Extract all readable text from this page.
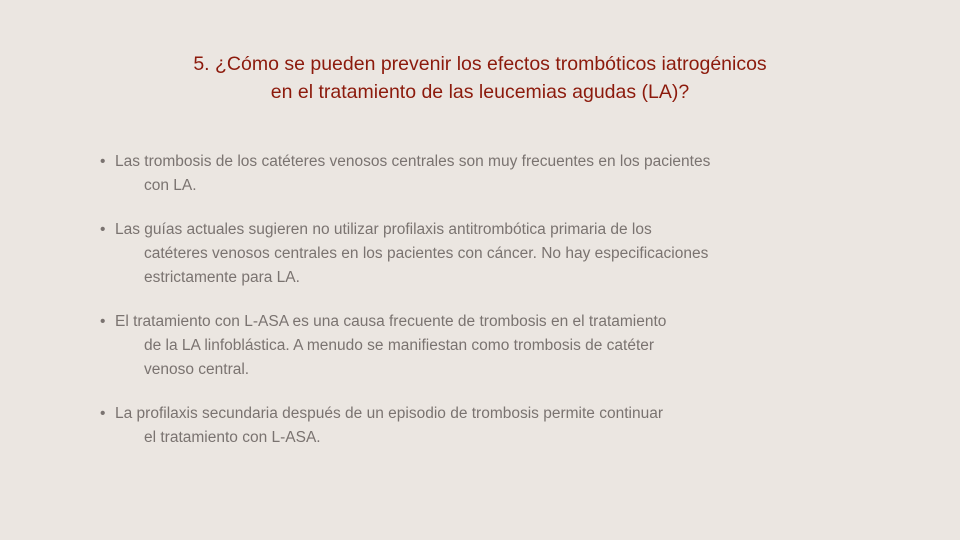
5. ¿Cómo se pueden prevenir los efectos trombóticos iatrogénicos
en el tratamiento de las leucemias agudas (LA)?
• Las trombosis de los catéteres venosos centrales son muy frecuentes en los pacientes
con LA.
• Las guías actuales sugieren no utilizar profilaxis antitrombótica primaria de los
catéteres venosos centrales en los pacientes con cáncer. No hay especificaciones
estrictamente para LA.
• El tratamiento con L-ASA es una causa frecuente de trombosis en el tratamiento
de la LA linfoblástica. A menudo se manifiestan como trombosis de catéter
venoso central.
• La profilaxis secundaria después de un episodio de trombosis permite continuar
el tratamiento con L-ASA.
